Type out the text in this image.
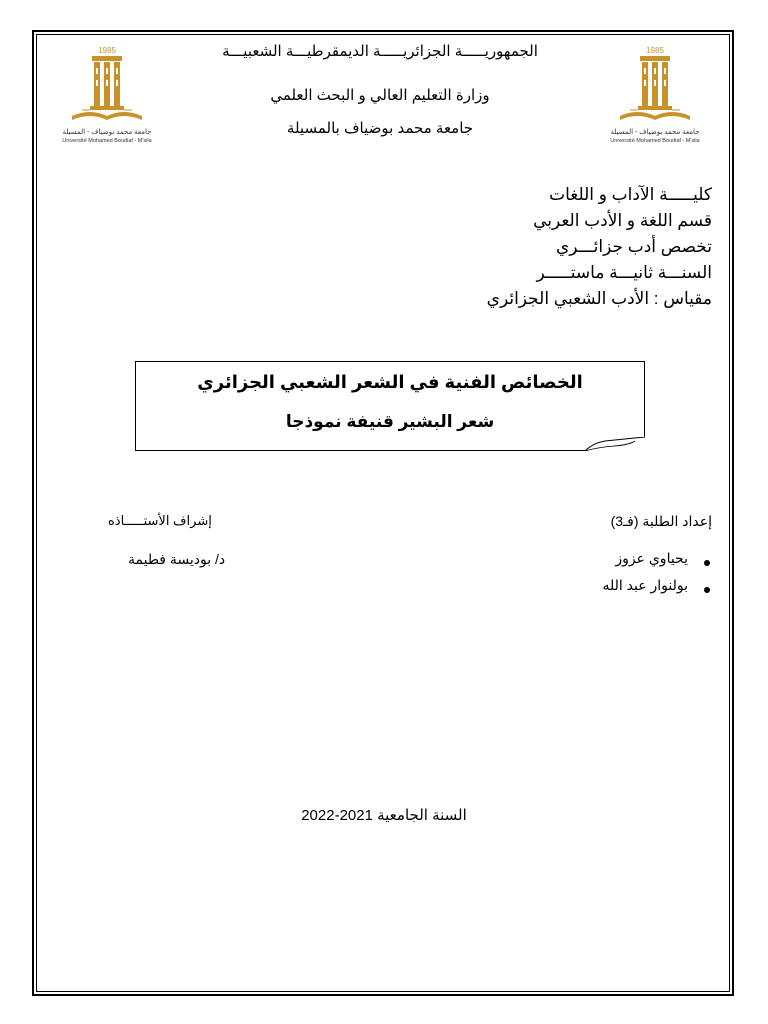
1985
جامعة محمد بوضياف - المسيلة
Université Mohamed Boudiaf - M'sila
1985
جامعة محمد بوضياف - المسيلة
Université Mohamed Boudiaf - M'sila
الجمهوريـــــة الجزائريـــــة الديمقرطيـــة الشعبيـــة
وزارة التعليم العالي و البحث العلمي
جامعة محمد بوضياف بالمسيلة
كليـــــة الآداب و اللغات
قسم اللغة و الأدب العربي
تخصص أدب جزائـــري
السنـــة ثانيـــة ماستـــــر
مقياس : الأدب الشعبي الجزائري
الخصائص الفنية في الشعر الشعبي الجزائري
شعر البشير قنيفة نموذجا
إعداد الطلبة (فـ3)
إشراف الأستـــــاذه
يحياوي عزوز
بولنوار عبد الله
د/ بوديسة فطيمة
السنة الجامعية 2021-2022
